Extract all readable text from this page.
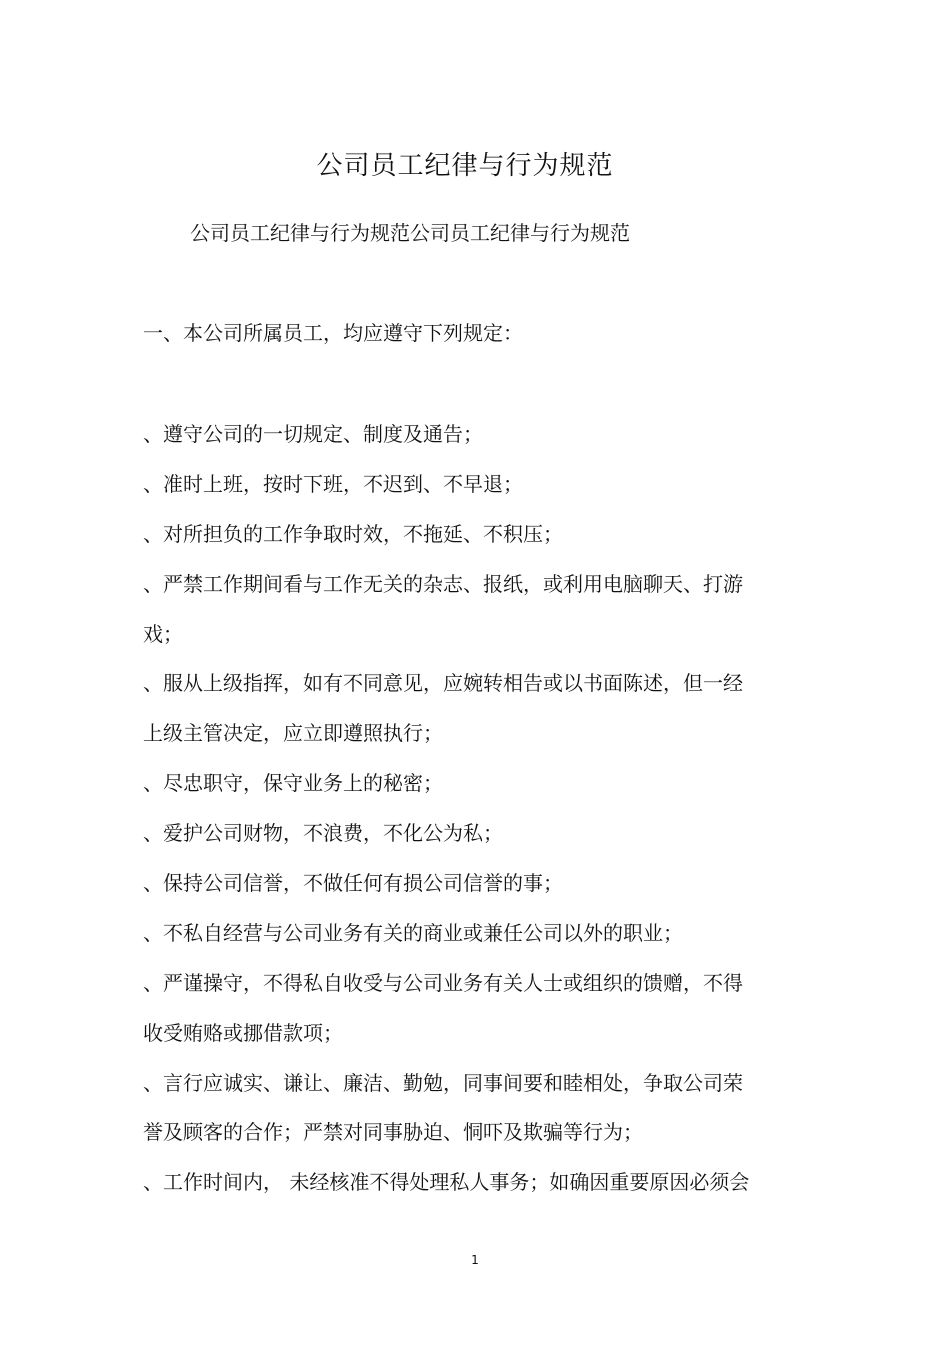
公司员工纪律与行为规范
公司员工纪律与行为规范公司员工纪律与行为规范
一、本公司所属员工，均应遵守下列规定：
、遵守公司的一切规定、制度及通告；
、准时上班，按时下班，不迟到、不早退；
、对所担负的工作争取时效，不拖延、不积压；
、严禁工作期间看与工作无关的杂志、报纸，或利用电脑聊天、打游
戏；
、服从上级指挥，如有不同意见，应婉转相告或以书面陈述，但一经
上级主管决定，应立即遵照执行；
、尽忠职守，保守业务上的秘密；
、爱护公司财物，不浪费，不化公为私；
、保持公司信誉，不做任何有损公司信誉的事；
、不私自经营与公司业务有关的商业或兼任公司以外的职业；
、严谨操守，不得私自收受与公司业务有关人士或组织的馈赠，不得
收受贿赂或挪借款项；
、言行应诚实、谦让、廉洁、勤勉，同事间要和睦相处，争取公司荣
誉及顾客的合作；严禁对同事胁迫、恫吓及欺骗等行为；
、工作时间内， 未经核准不得处理私人事务；如确因重要原因必须会
1
